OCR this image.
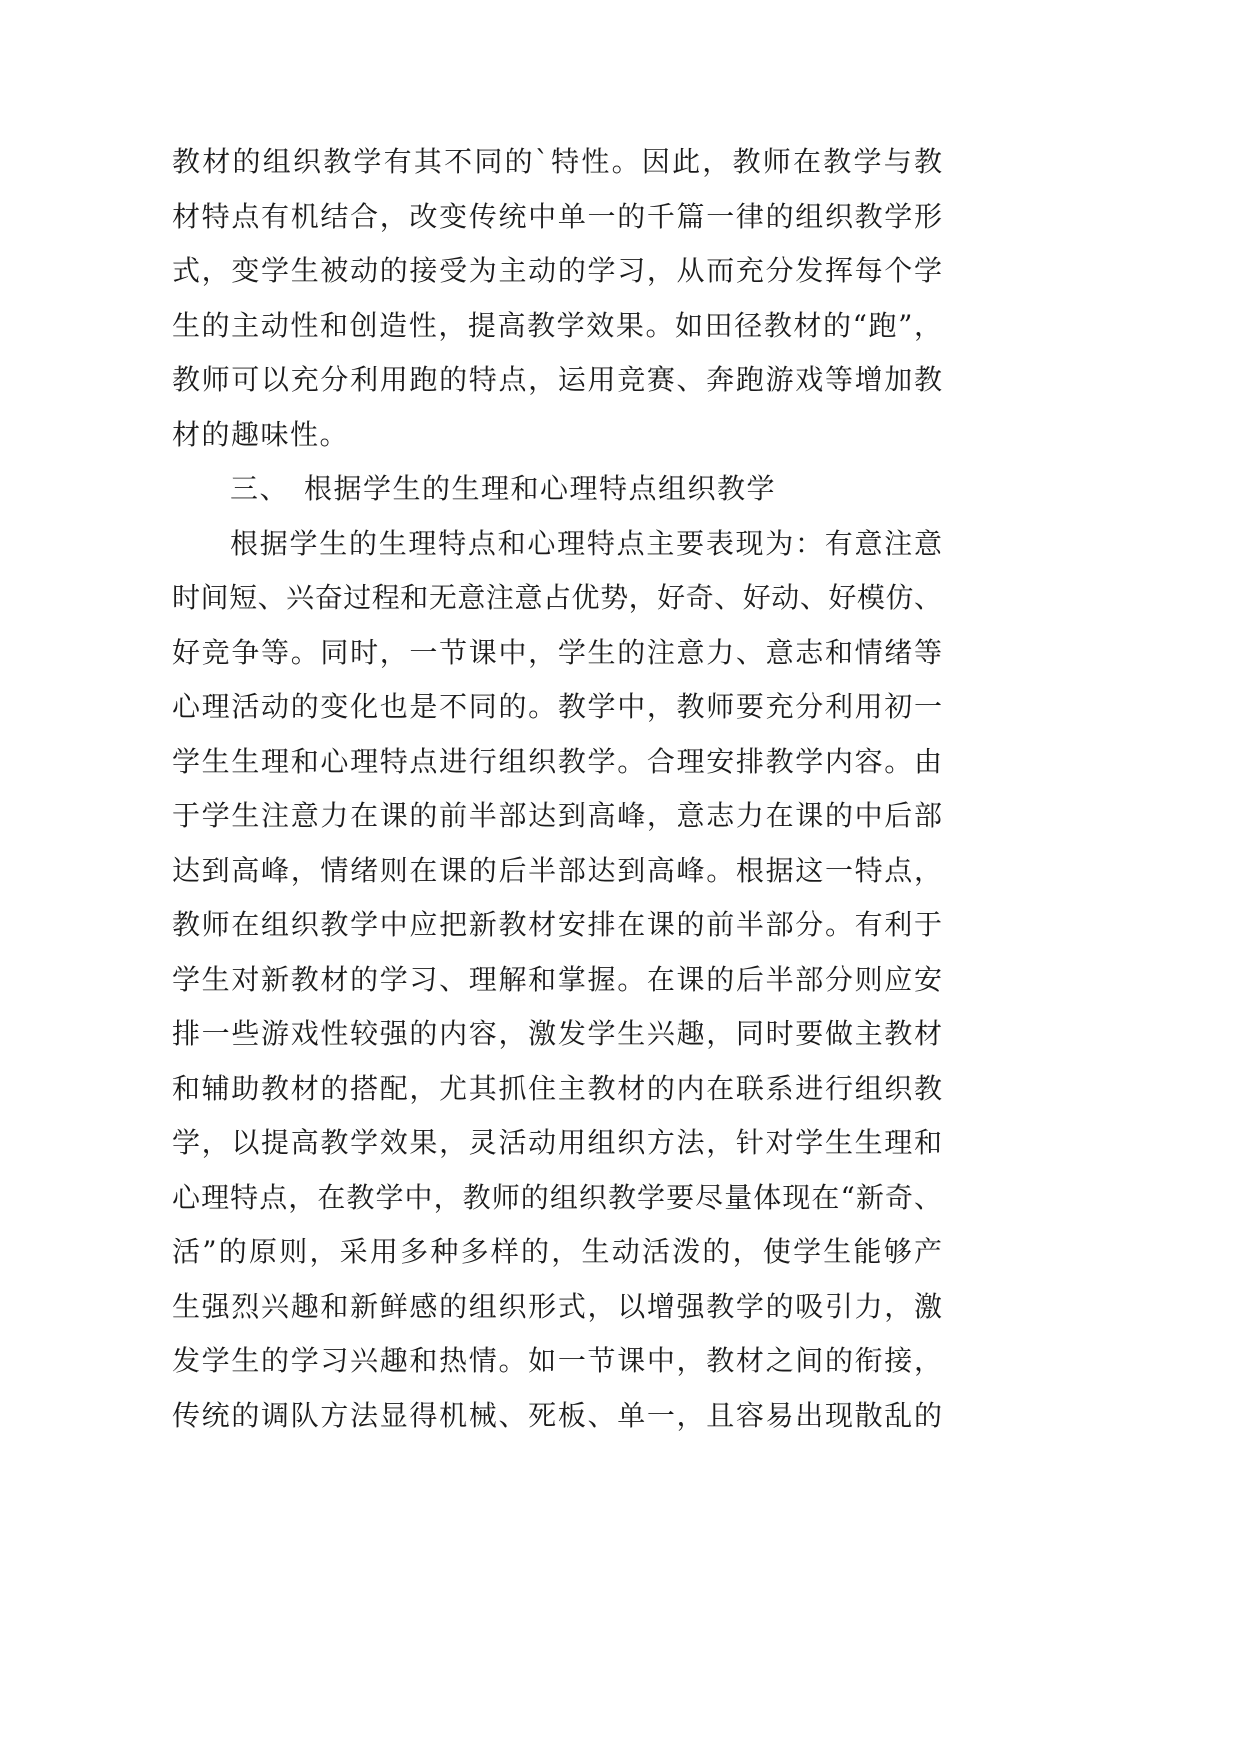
教材的组织教学有其不同的`特性。因此，教师在教学与教
材特点有机结合，改变传统中单一的千篇一律的组织教学形
式，变学生被动的接受为主动的学习，从而充分发挥每个学
生的主动性和创造性，提高教学效果。如田径教材的“跑”，
教师可以充分利用跑的特点，运用竞赛、奔跑游戏等增加教
材的趣味性。
三、 根据学生的生理和心理特点组织教学
根据学生的生理特点和心理特点主要表现为：有意注意
时间短、兴奋过程和无意注意占优势，好奇、好动、好模仿、
好竞争等。同时，一节课中，学生的注意力、意志和情绪等
心理活动的变化也是不同的。教学中，教师要充分利用初一
学生生理和心理特点进行组织教学。合理安排教学内容。由
于学生注意力在课的前半部达到高峰，意志力在课的中后部
达到高峰，情绪则在课的后半部达到高峰。根据这一特点，
教师在组织教学中应把新教材安排在课的前半部分。有利于
学生对新教材的学习、理解和掌握。在课的后半部分则应安
排一些游戏性较强的内容，激发学生兴趣，同时要做主教材
和辅助教材的搭配，尤其抓住主教材的内在联系进行组织教
学，以提高教学效果，灵活动用组织方法，针对学生生理和
心理特点，在教学中，教师的组织教学要尽量体现在“新奇、
活”的原则，采用多种多样的，生动活泼的，使学生能够产
生强烈兴趣和新鲜感的组织形式，以增强教学的吸引力，激
发学生的学习兴趣和热情。如一节课中，教材之间的衔接，
传统的调队方法显得机械、死板、单一，且容易出现散乱的
